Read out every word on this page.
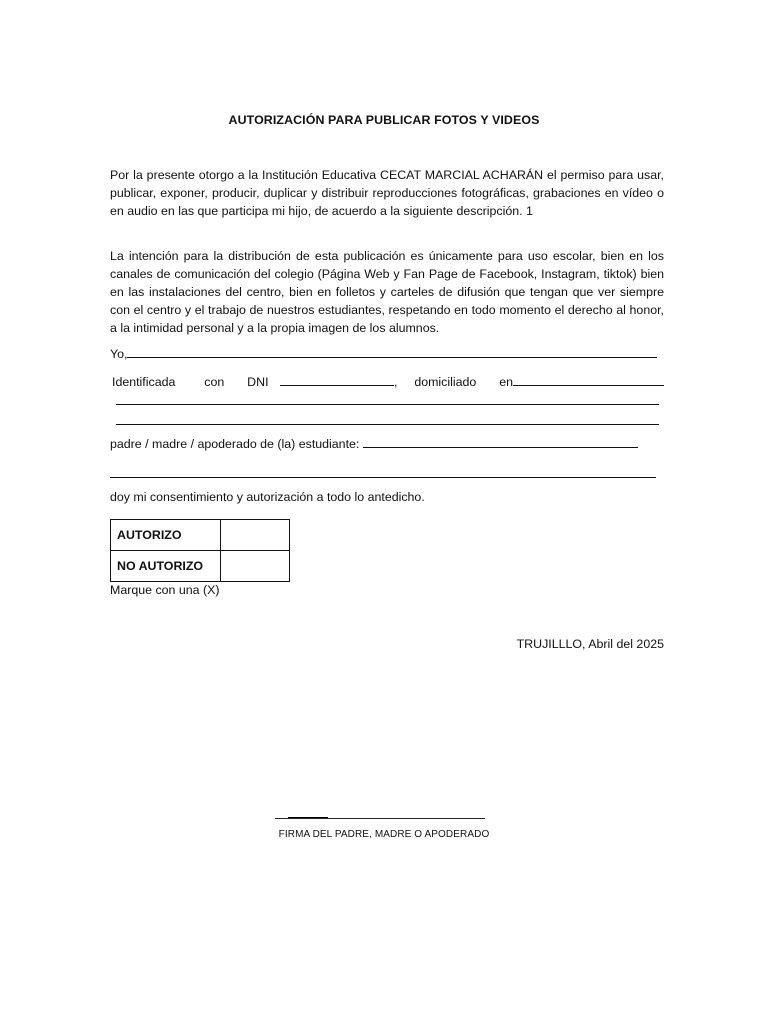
AUTORIZACIÓN PARA PUBLICAR FOTOS Y VIDEOS

Por la presente otorgo a la Institución Educativa CECAT MARCIAL ACHARÁN el permiso para usar, publicar, exponer, producir, duplicar y distribuir reproducciones fotográficas, grabaciones en vídeo o en audio en las que participa mi hijo, de acuerdo a la siguiente descripción. 1

La intención para la distribución de esta publicación es únicamente para uso escolar, bien en los canales de comunicación del colegio (Página Web y Fan Page de Facebook, Instagram, tiktok) bien en las instalaciones del centro, bien en folletos y carteles de difusión que tengan que ver siempre con el centro y el trabajo de nuestros estudiantes, respetando en todo momento el derecho al honor, a la intimidad personal y a la propia imagen de los alumnos.

Yo,
Identificada con DNI	, domiciliado en
padre / madre / apoderado de (la) estudiante:
doy mi consentimiento y autorización a todo lo antedicho.
AUTORIZO	
NO AUTORIZO	
Marque con una (X)
TRUJILLLO, Abril del 2025
FIRMA DEL PADRE, MADRE O APODERADO
